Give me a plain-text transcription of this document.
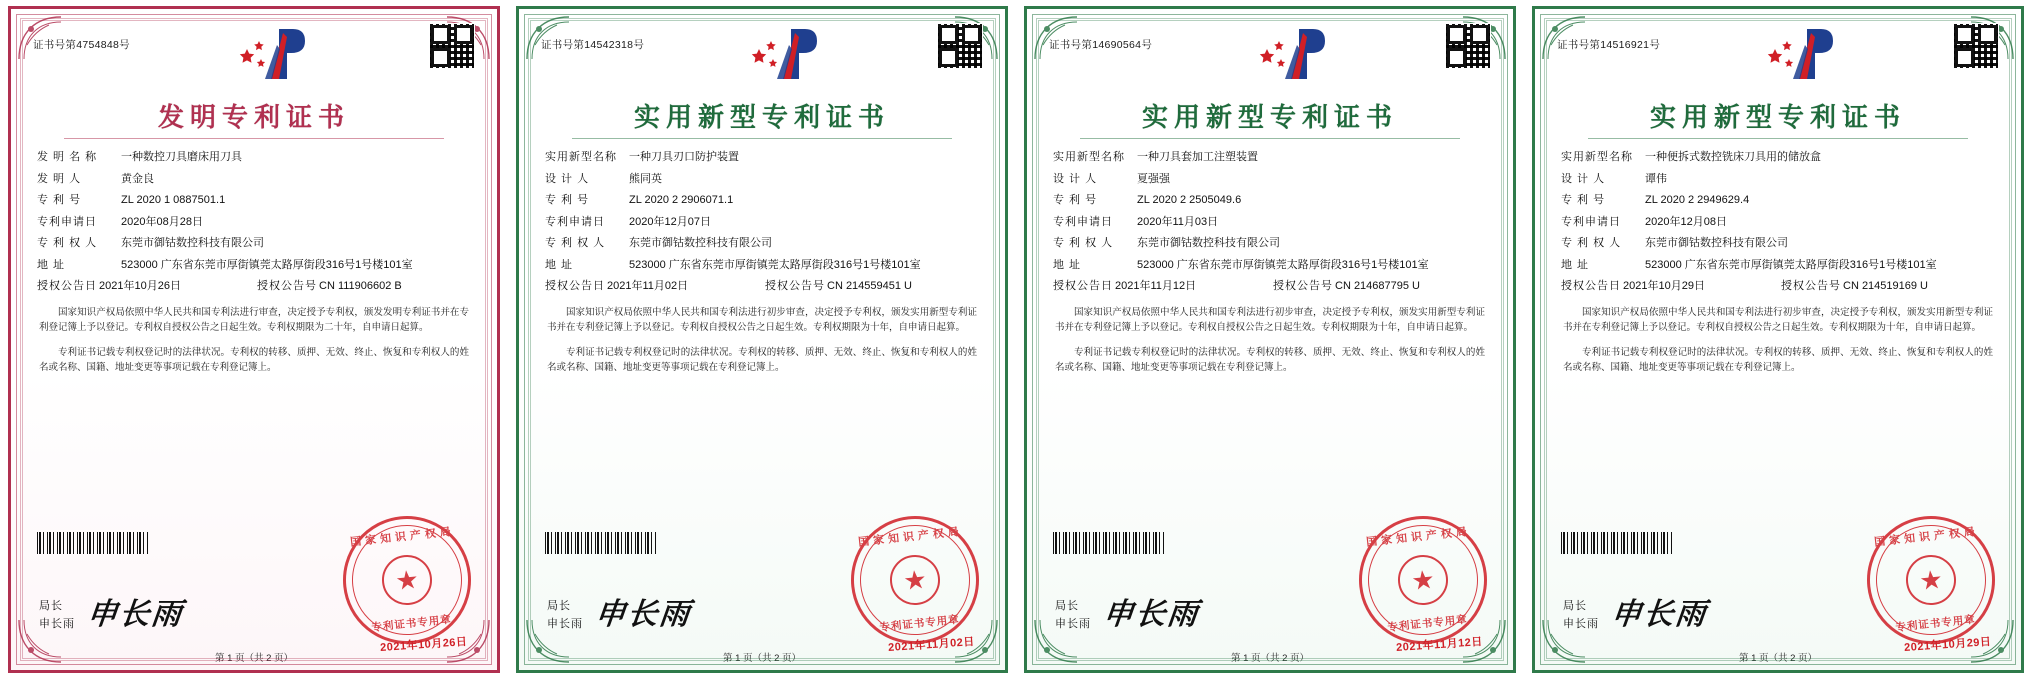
证书号第4754848号
发明专利证书
发 明 名 称	一种数控刀具磨床用刀具
发 明 人	黄金良
专 利 号	ZL 2020 1 0887501.1
专利申请日	2020年08月28日
专 利 权 人	东莞市御钴数控科技有限公司
地 址	523000 广东省东莞市厚街镇莞太路厚街段316号1号楼101室
授权公告日 2021年10月26日	授权公告号 CN 111906602 B
国家知识产权局依照中华人民共和国专利法进行审查，决定授予专利权，颁发发明专利证书并在专利登记簿上予以登记。专利权自授权公告之日起生效。专利权期限为二十年，自申请日起算。
专利证书记载专利权登记时的法律状况。专利权的转移、质押、无效、终止、恢复和专利权人的姓名或名称、国籍、地址变更等事项记载在专利登记簿上。
局长
申长雨 申长雨
国家知识产权局
★
专利证书专用章
2021年10月26日
第 1 页（共 2 页）
证书号第14542318号
实用新型专利证书
实用新型名称	一种刀具刃口防护装置
设 计 人	熊同英
专 利 号	ZL 2020 2 2906071.1
专利申请日	2020年12月07日
专 利 权 人	东莞市御钴数控科技有限公司
地 址	523000 广东省东莞市厚街镇莞太路厚街段316号1号楼101室
授权公告日 2021年11月02日	授权公告号 CN 214559451 U
国家知识产权局依照中华人民共和国专利法进行初步审查，决定授予专利权，颁发实用新型专利证书并在专利登记簿上予以登记。专利权自授权公告之日起生效。专利权期限为十年，自申请日起算。
专利证书记载专利权登记时的法律状况。专利权的转移、质押、无效、终止、恢复和专利权人的姓名或名称、国籍、地址变更等事项记载在专利登记簿上。
局长
申长雨 申长雨
国家知识产权局
★
专利证书专用章
2021年11月02日
第 1 页（共 2 页）
证书号第14690564号
实用新型专利证书
实用新型名称	一种刀具套加工注塑装置
设 计 人	夏强强
专 利 号	ZL 2020 2 2505049.6
专利申请日	2020年11月03日
专 利 权 人	东莞市御钴数控科技有限公司
地 址	523000 广东省东莞市厚街镇莞太路厚街段316号1号楼101室
授权公告日 2021年11月12日	授权公告号 CN 214687795 U
国家知识产权局依照中华人民共和国专利法进行初步审查，决定授予专利权，颁发实用新型专利证书并在专利登记簿上予以登记。专利权自授权公告之日起生效。专利权期限为十年，自申请日起算。
专利证书记载专利权登记时的法律状况。专利权的转移、质押、无效、终止、恢复和专利权人的姓名或名称、国籍、地址变更等事项记载在专利登记簿上。
局长
申长雨 申长雨
国家知识产权局
★
专利证书专用章
2021年11月12日
第 1 页（共 2 页）
证书号第14516921号
实用新型专利证书
实用新型名称	一种便拆式数控铣床刀具用的储放盒
设 计 人	谭伟
专 利 号	ZL 2020 2 2949629.4
专利申请日	2020年12月08日
专 利 权 人	东莞市御钴数控科技有限公司
地 址	523000 广东省东莞市厚街镇莞太路厚街段316号1号楼101室
授权公告日 2021年10月29日	授权公告号 CN 214519169 U
国家知识产权局依照中华人民共和国专利法进行初步审查，决定授予专利权，颁发实用新型专利证书并在专利登记簿上予以登记。专利权自授权公告之日起生效。专利权期限为十年，自申请日起算。
专利证书记载专利权登记时的法律状况。专利权的转移、质押、无效、终止、恢复和专利权人的姓名或名称、国籍、地址变更等事项记载在专利登记簿上。
局长
申长雨 申长雨
国家知识产权局
★
专利证书专用章
2021年10月29日
第 1 页（共 2 页）
